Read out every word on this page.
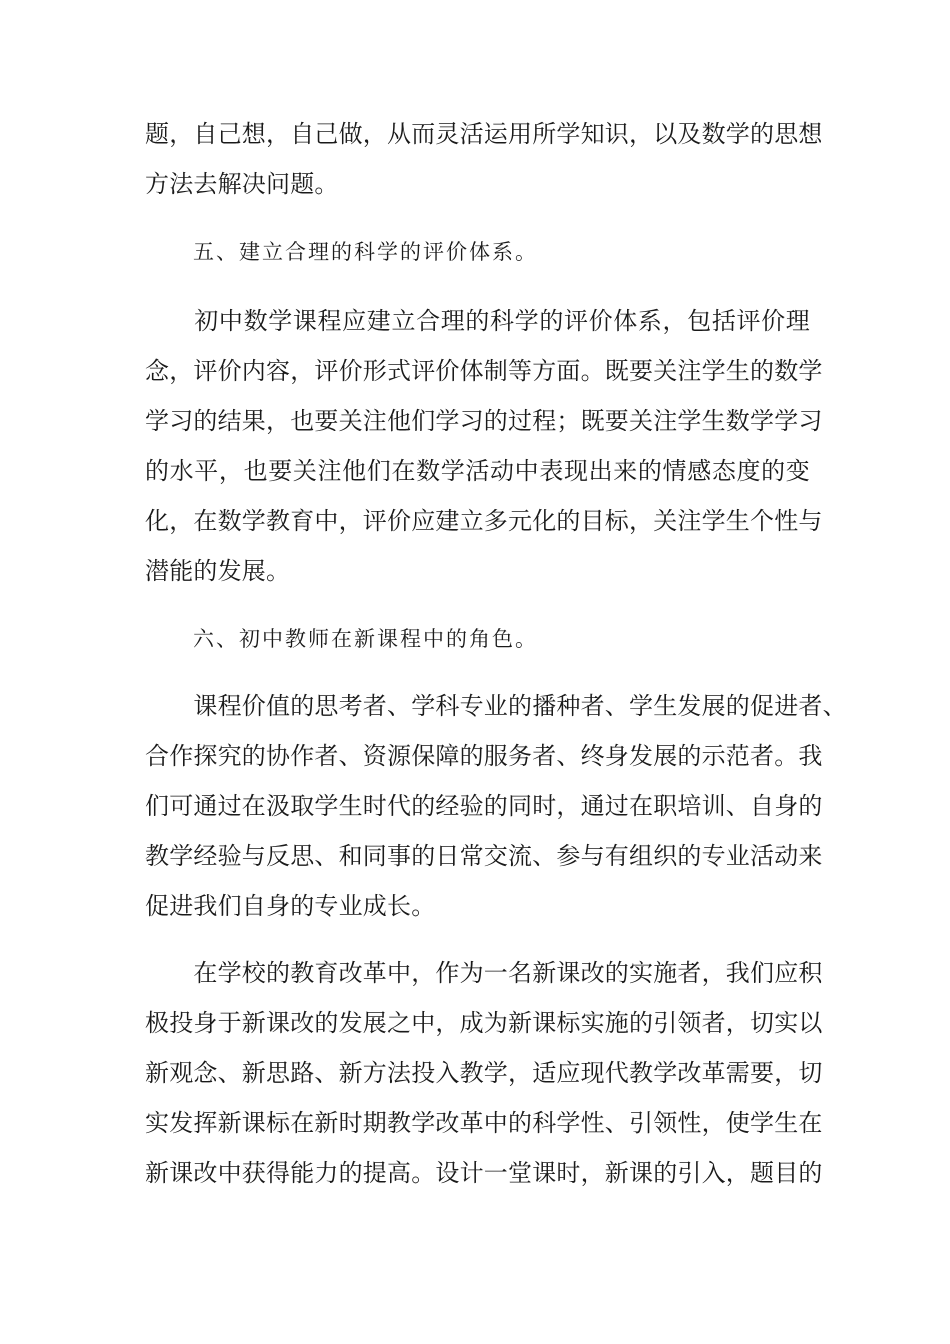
题，自己想，自己做，从而灵活运用所学知识，以及数学的思想
方法去解决问题。
五、建立合理的科学的评价体系。
　　初中数学课程应建立合理的科学的评价体系，包括评价理
念，评价内容，评价形式评价体制等方面。既要关注学生的数学
学习的结果，也要关注他们学习的过程；既要关注学生数学学习
的水平，也要关注他们在数学活动中表现出来的情感态度的变
化，在数学教育中，评价应建立多元化的目标，关注学生个性与
潜能的发展。
六、初中教师在新课程中的角色。
　　课程价值的思考者、学科专业的播种者、学生发展的促进者、
合作探究的协作者、资源保障的服务者、终身发展的示范者。我
们可通过在汲取学生时代的经验的同时，通过在职培训、自身的
教学经验与反思、和同事的日常交流、参与有组织的专业活动来
促进我们自身的专业成长。
　　在学校的教育改革中，作为一名新课改的实施者，我们应积
极投身于新课改的发展之中，成为新课标实施的引领者，切实以
新观念、新思路、新方法投入教学，适应现代教学改革需要，切
实发挥新课标在新时期教学改革中的科学性、引领性，使学生在
新课改中获得能力的提高。设计一堂课时，新课的引入，题目的
